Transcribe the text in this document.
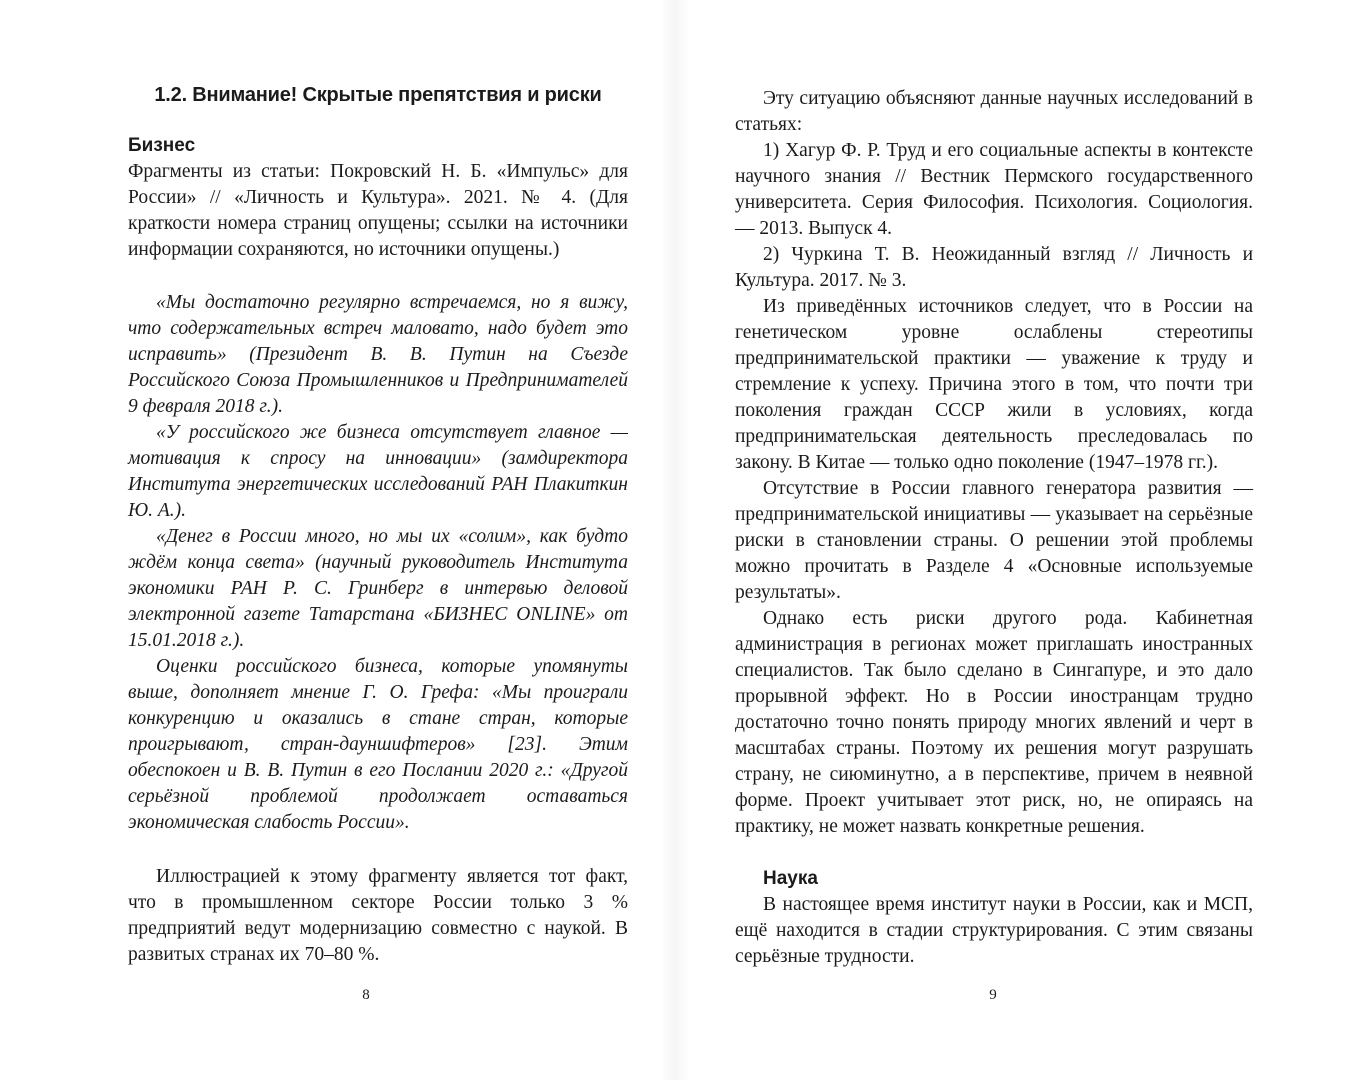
1.2. Внимание! Скрытые препятствия и риски
Бизнес

Фрагменты из статьи: Покровский Н. Б. «Импульс» для России» // «Личность и Культура». 2021. № 4. (Для краткости номера страниц опущены; ссылки на источники информации сохраняются, но источники опущены.)

«Мы достаточно регулярно встречаемся, но я вижу, что содержательных встреч маловато, надо будет это исправить» (Президент В. В. Путин на Съезде Российского Союза Промышленников и Предпринимателей 9 февраля 2018 г.).

«У российского же бизнеса отсутствует главное — мотивация к спросу на инновации» (замдиректора Института энергетических исследований РАН Плакиткин Ю. А.).

«Денег в России много, но мы их «солим», как будто ждём конца света» (научный руководитель Института экономики РАН Р. С. Гринберг в интервью деловой электронной газете Татарстана «БИЗНЕС ONLINE» от 15.01.2018 г.).

Оценки российского бизнеса, которые упомянуты выше, дополняет мнение Г. О. Грефа: «Мы проиграли конкуренцию и оказались в стане стран, которые проигрывают, стран-дауншифтеров» [23]. Этим обеспокоен и В. В. Путин в его Послании 2020 г.: «Другой серьёзной проблемой продолжает оставаться экономическая слабость России».

Иллюстрацией к этому фрагменту является тот факт, что в промышленном секторе России только 3 % предприятий ведут модернизацию совместно с наукой. В развитых странах их 70–80 %.

8

Эту ситуацию объясняют данные научных исследований в статьях:

1) Хагур Ф. Р. Труд и его социальные аспекты в контексте научного знания // Вестник Пермского государственного университета. Серия Философия. Психология. Социология. — 2013. Выпуск 4.

2) Чуркина Т. В. Неожиданный взгляд // Личность и Культура. 2017. № 3.

Из приведённых источников следует, что в России на генетическом уровне ослаблены стереотипы предпринимательской практики — уважение к труду и стремление к успеху. Причина этого в том, что почти три поколения граждан СССР жили в условиях, когда предпринимательская деятельность преследовалась по закону. В Китае — только одно поколение (1947–1978 гг.).

Отсутствие в России главного генератора развития — предпринимательской инициативы — указывает на серьёзные риски в становлении страны. О решении этой проблемы можно прочитать в Разделе 4 «Основные используемые результаты».

Однако есть риски другого рода. Кабинетная администрация в регионах может приглашать иностранных специалистов. Так было сделано в Сингапуре, и это дало прорывной эффект. Но в России иностранцам трудно достаточно точно понять природу многих явлений и черт в масштабах страны. Поэтому их решения могут разрушать страну, не сиюминутно, а в перспективе, причем в неявной форме. Проект учитывает этот риск, но, не опираясь на практику, не может назвать конкретные решения.

Наука

В настоящее время институт науки в России, как и МСП, ещё находится в стадии структурирования. С этим связаны серьёзные трудности.

9
